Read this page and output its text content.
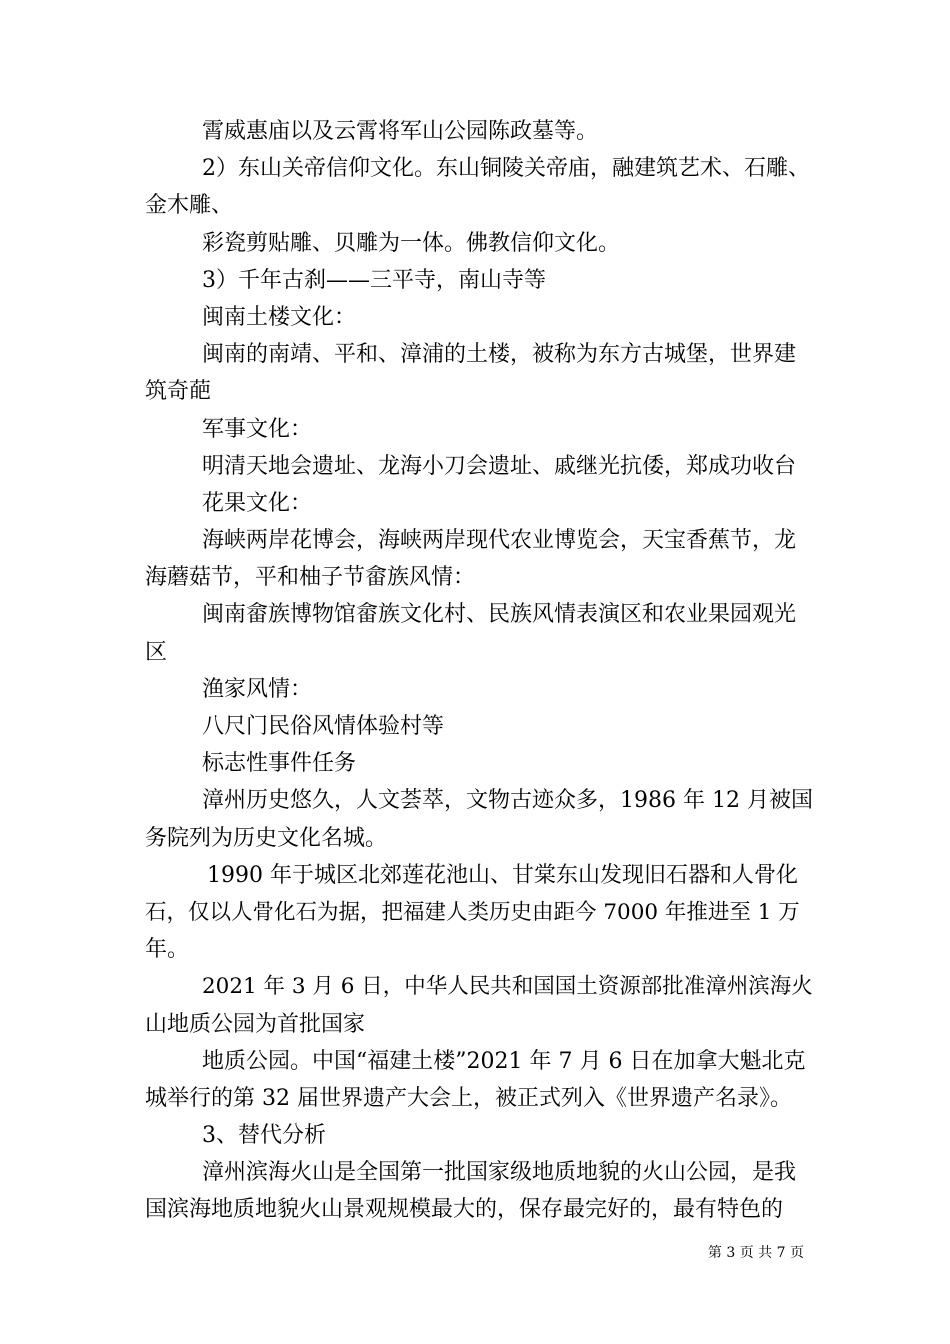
霄威惠庙以及云霄将军山公园陈政墓等。
2）东山关帝信仰文化。东山铜陵关帝庙，融建筑艺术、石雕、
金木雕、
彩瓷剪贴雕、贝雕为一体。佛教信仰文化。
3）千年古刹——三平寺，南山寺等
闽南土楼文化：
闽南的南靖、平和、漳浦的土楼，被称为东方古城堡，世界建
筑奇葩
军事文化：
明清天地会遗址、龙海小刀会遗址、戚继光抗倭，郑成功收台
花果文化：
海峡两岸花博会，海峡两岸现代农业博览会，天宝香蕉节，龙
海蘑菇节，平和柚子节畲族风情：
闽南畲族博物馆畲族文化村、民族风情表演区和农业果园观光
区
渔家风情：
八尺门民俗风情体验村等
标志性事件任务
漳州历史悠久，人文荟萃，文物古迹众多，1986 年 12 月被国
务院列为历史文化名城。
1990 年于城区北郊莲花池山、甘棠东山发现旧石器和人骨化
石，仅以人骨化石为据，把福建人类历史由距今 7000 年推进至 1 万
年。
2021 年 3 月 6 日，中华人民共和国国土资源部批准漳州滨海火
山地质公园为首批国家
地质公园。中国“福建土楼”2021 年 7 月 6 日在加拿大魁北克
城举行的第 32 届世界遗产大会上，被正式列入《世界遗产名录》。
3、替代分析
漳州滨海火山是全国第一批国家级地质地貌的火山公园，是我
国滨海地质地貌火山景观规模最大的，保存最完好的，最有特色的
第 3 页 共 7 页
